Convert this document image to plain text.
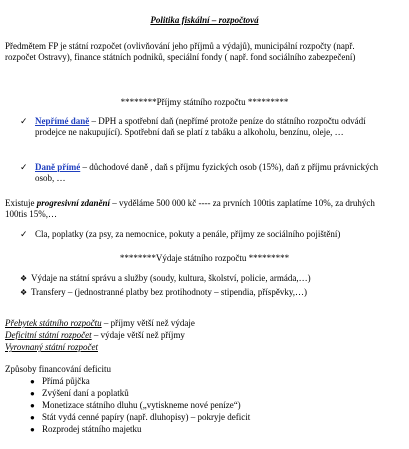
Politika fiskální – rozpočtová
Předmětem FP je státní rozpočet (ovlivňování jeho příjmů a výdajů), municipální rozpočty (např. rozpočet Ostravy), finance státních podniků, speciální fondy ( např. fond sociálního zabezpečení)
********Příjmy státního rozpočtu *********
✓ Nepřímé daně – DPH a spotřební daň (nepřímé protože peníze do státního rozpočtu odvádí prodejce ne nakupující). Spotřební daň se platí z tabáku a alkoholu, benzínu, oleje, …
✓ Daně přímé – důchodové daně , daň s příjmu fyzických osob (15%), daň z příjmu právnických osob, …
Existuje progresivní zdanění – vyděláme 500 000 kč ---- za prvních 100tis zaplatíme 10%, za druhých 100tis 15%,…
✓ Cla, poplatky (za psy, za nemocnice, pokuty a penále, příjmy ze sociálního pojištění)
********Výdaje státního rozpočtu *********
❖ Výdaje na státní správu a služby (soudy, kultura, školství, policie, armáda,…)
❖ Transfery – (jednostranné platby bez protihodnoty – stipendia, příspěvky,…)
Přebytek státního rozpočtu – příjmy větší než výdaje
Deficitní státní rozpočet – výdaje větší než příjmy
Vyrovnaný státní rozpočet
Způsoby financování deficitu
● Přímá půjčka
● Zvýšení daní a poplatků
● Monetizace státního dluhu („vytiskneme nové peníze“)
● Stát vydá cenné papíry (např. dluhopisy) – pokryje deficit
● Rozprodej státního majetku
